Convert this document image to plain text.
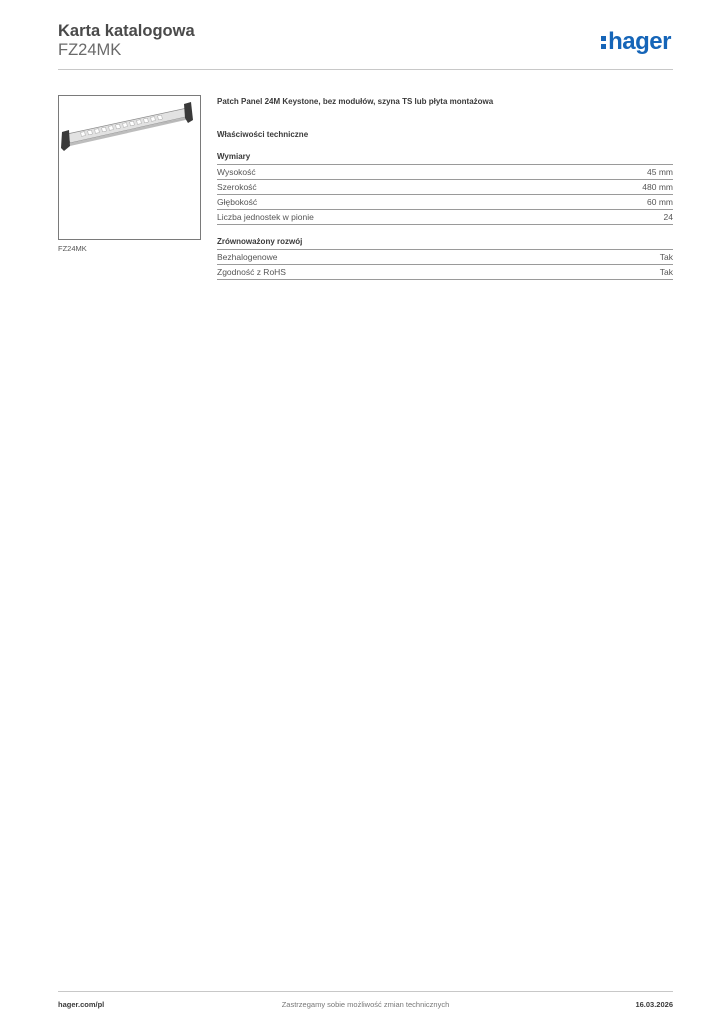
Karta katalogowa
FZ24MK	hager
FZ24MK
Patch Panel 24M Keystone, bez modułów, szyna TS lub płyta montażowa
Właściwości techniczne
Wymiary
Wysokość	45 mm
Szerokość	480 mm
Głębokość	60 mm
Liczba jednostek w pionie	24
Zrównoważony rozwój
Bezhalogenowe	Tak
Zgodność z RoHS	Tak
hager.com/pl	Zastrzegamy sobie możliwość zmian technicznych	16.03.2026
